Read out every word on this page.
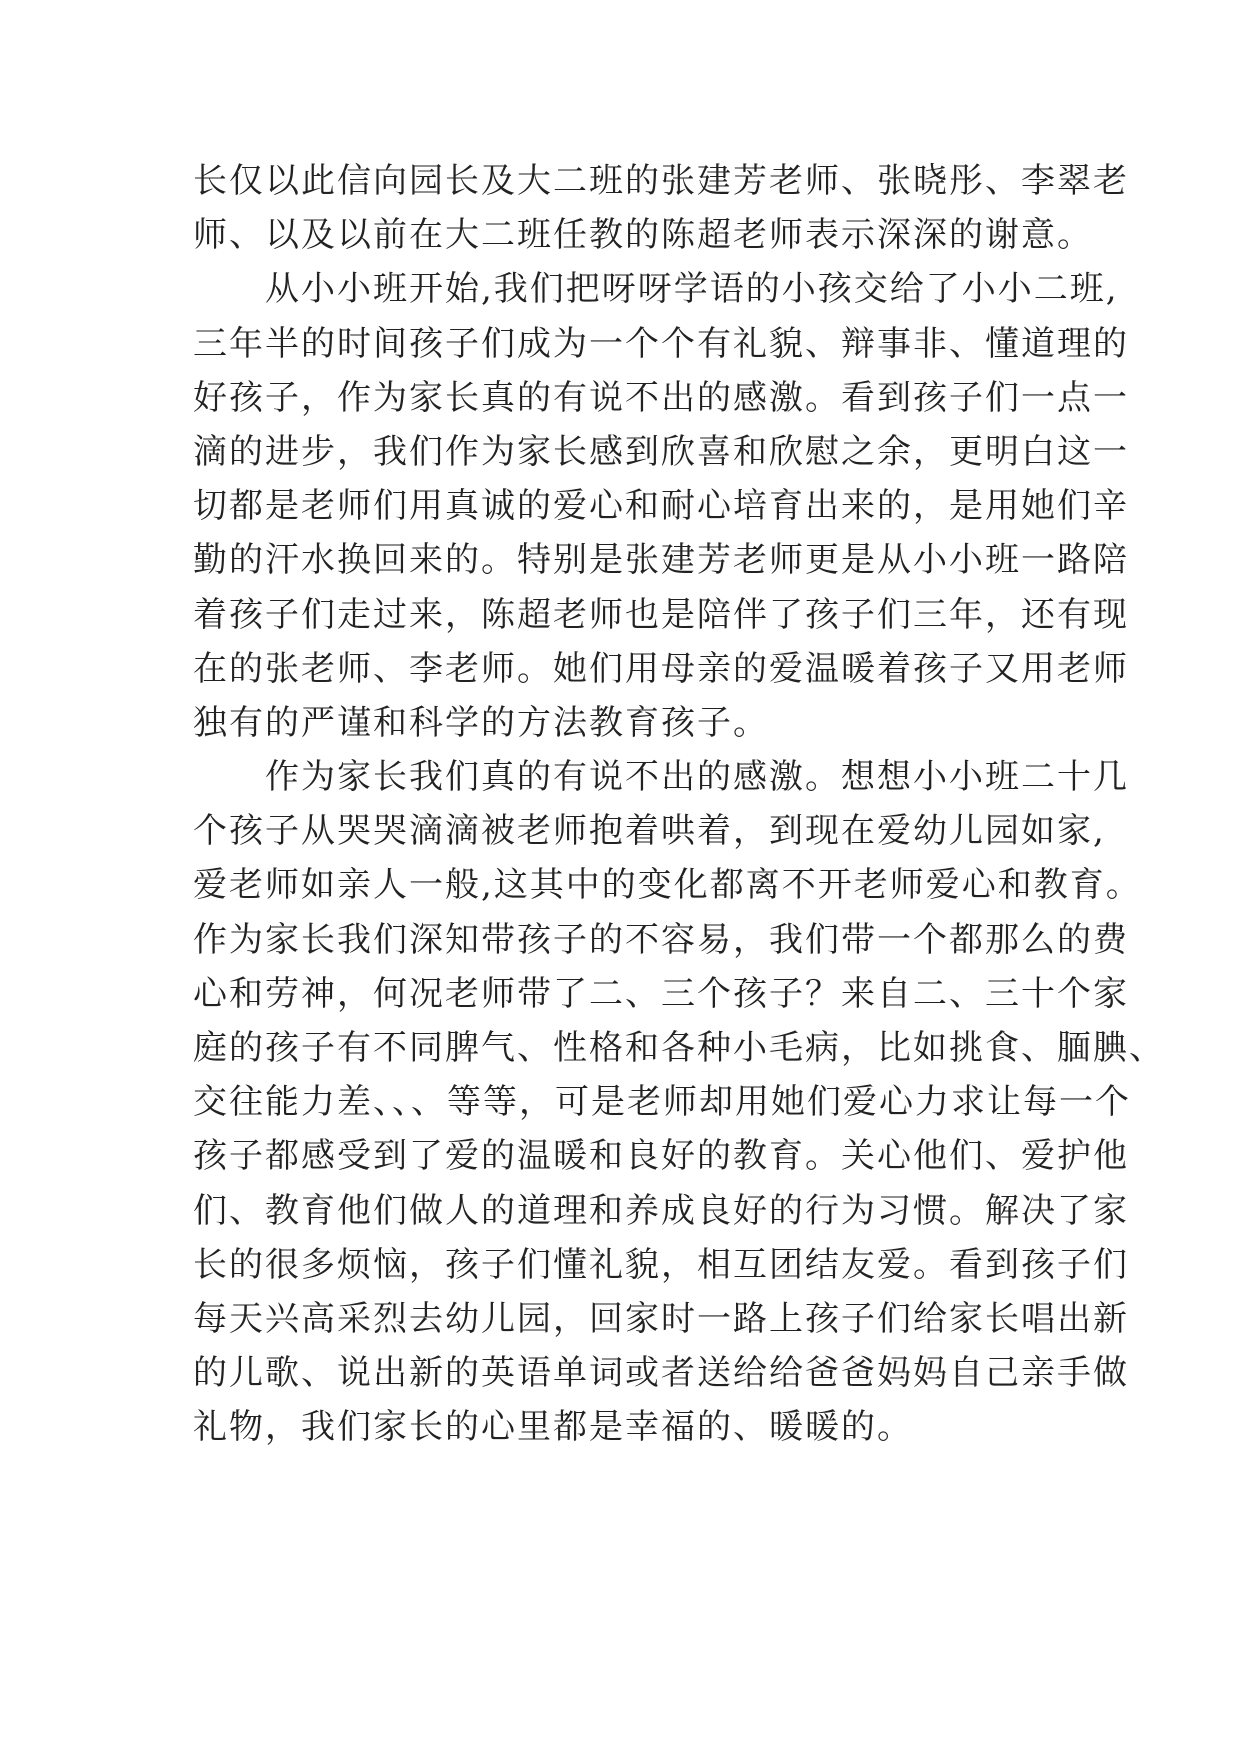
长仅以此信向园长及大二班的张建芳老师、张晓彤、李翠老
师、以及以前在大二班任教的陈超老师表示深深的谢意。
　　从小小班开始,我们把呀呀学语的小孩交给了小小二班,
三年半的时间孩子们成为一个个有礼貌、辩事非、懂道理的
好孩子，作为家长真的有说不出的感激。看到孩子们一点一
滴的进步，我们作为家长感到欣喜和欣慰之余，更明白这一
切都是老师们用真诚的爱心和耐心培育出来的，是用她们辛
勤的汗水换回来的。特别是张建芳老师更是从小小班一路陪
着孩子们走过来，陈超老师也是陪伴了孩子们三年，还有现
在的张老师、李老师。她们用母亲的爱温暖着孩子又用老师
独有的严谨和科学的方法教育孩子。
　　作为家长我们真的有说不出的感激。想想小小班二十几
个孩子从哭哭滴滴被老师抱着哄着，到现在爱幼儿园如家,
爱老师如亲人一般,这其中的变化都离不开老师爱心和教育。
作为家长我们深知带孩子的不容易，我们带一个都那么的费
心和劳神，何况老师带了二、三个孩子？来自二、三十个家
庭的孩子有不同脾气、性格和各种小毛病，比如挑食、腼腆、
交往能力差、、、等等，可是老师却用她们爱心力求让每一个
孩子都感受到了爱的温暖和良好的教育。关心他们、爱护他
们、教育他们做人的道理和养成良好的行为习惯。解决了家
长的很多烦恼，孩子们懂礼貌，相互团结友爱。看到孩子们
每天兴高采烈去幼儿园，回家时一路上孩子们给家长唱出新
的儿歌、说出新的英语单词或者送给给爸爸妈妈自己亲手做
礼物，我们家长的心里都是幸福的、暖暖的。
